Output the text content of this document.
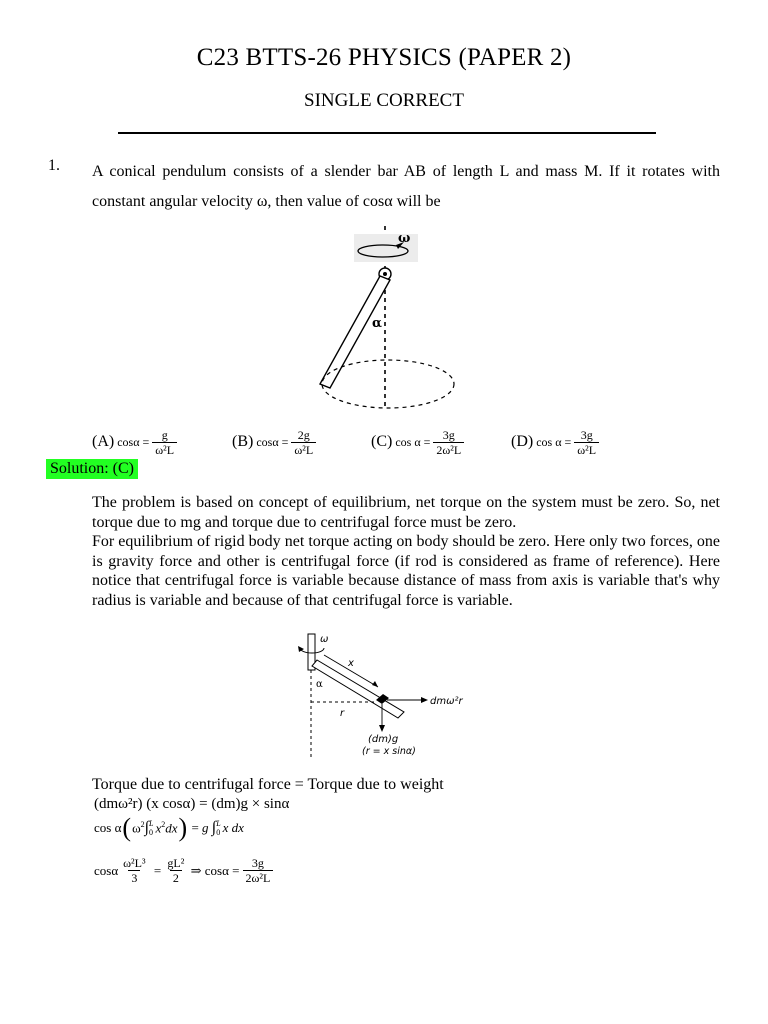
C23 BTTS-26 PHYSICS (PAPER 2)
SINGLE CORRECT
1. A conical pendulum consists of a slender bar AB of length L and mass M. If it rotates with constant angular velocity ω, then value of cosα will be
ω
α
(A) $\cos\alpha = \frac{g}{\text{ω²L}}$	(B) $\cos\alpha = \frac{2g}{\text{ω²L}}$	(C) $\cos \alpha = \frac{3g}{\text{2ω²L}}$	(D) $\cos \alpha = \frac{3g}{\text{ω²L}}$
Solution: (C)

The problem is based on concept of equilibrium, net torque on the system must be zero. So, net torque due to mg and torque due to centrifugal force must be zero.

For equilibrium of rigid body net torque acting on body should be zero. Here only two forces, one is gravity force and other is centrifugal force (if rod is considered as frame of reference). Here notice that centrifugal force is variable because distance of mass from axis is variable that's why radius is variable and because of that centrifugal force is variable.

ω
x
α
r
dmω²r
(dm)g
(r = x sinα)
Torque due to centrifugal force = Torque due to weight
(dmω²r) (x cosα) = (dm)g × sinα
cos α ( $\omega^2$ ∫ L
0 $x^2dx$ ) = g ∫ L
0 x dx
cosα $\frac{\text{ω²L³}}{3} = \frac{\text{gL²}}{2}$ ⇒ $\cos\alpha = \frac{3g}{\text{2ω²L}}$
